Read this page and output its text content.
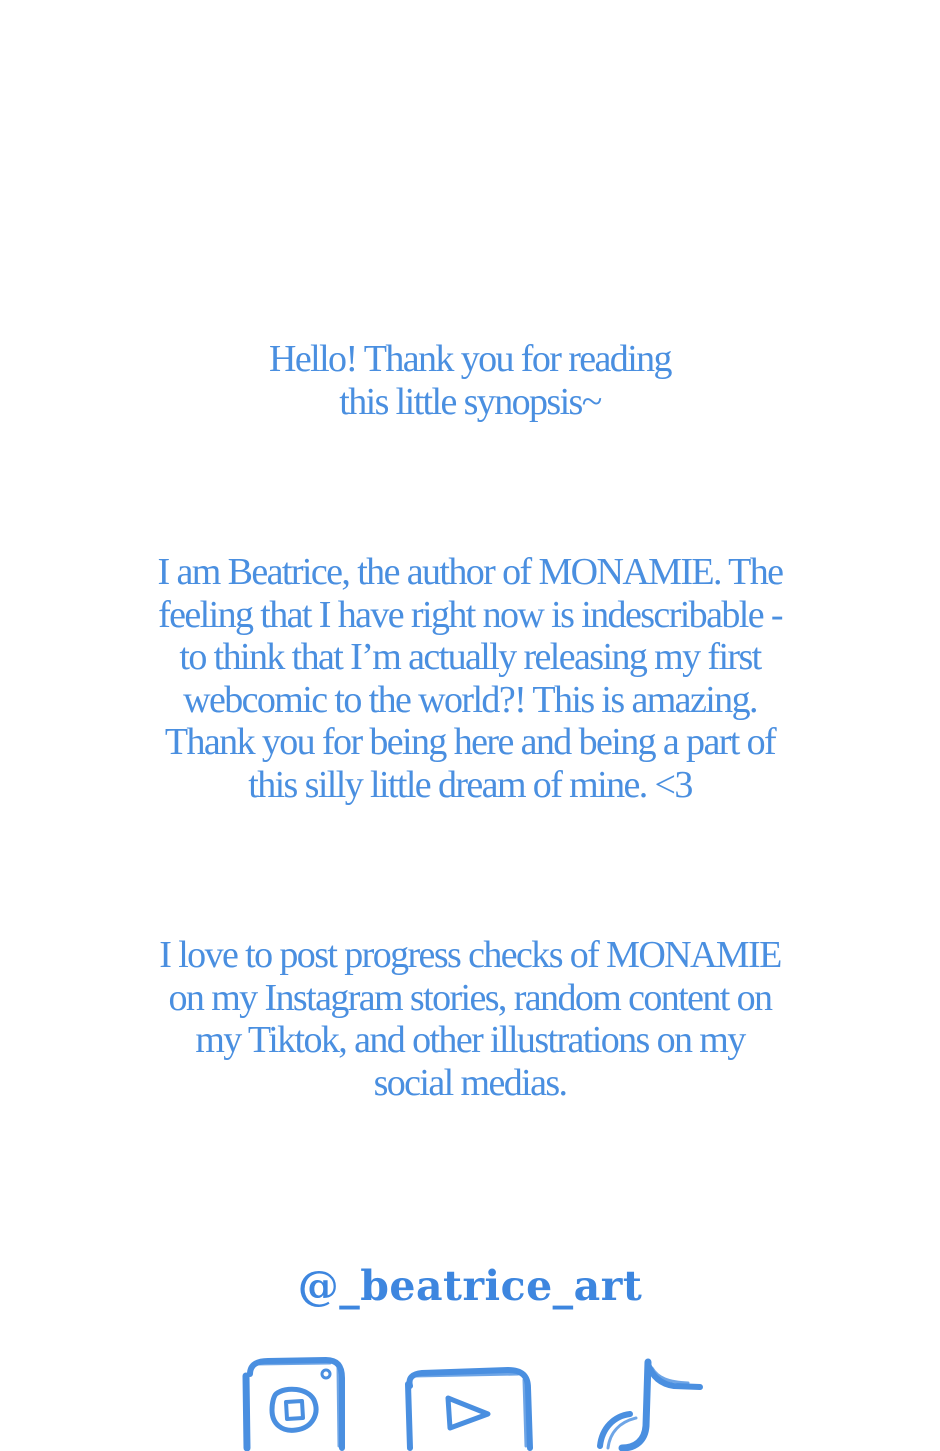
Hello! Thank you for reading
this little synopsis~
I am Beatrice, the author of MONAMIE. The
feeling that I have right now is indescribable -
to think that I’m actually releasing my first
webcomic to the world?! This is amazing.
Thank you for being here and being a part of
this silly little dream of mine. <3
I love to post progress checks of MONAMIE
on my Instagram stories, random content on
my Tiktok, and other illustrations on my
social medias.
@_beatrice_art
